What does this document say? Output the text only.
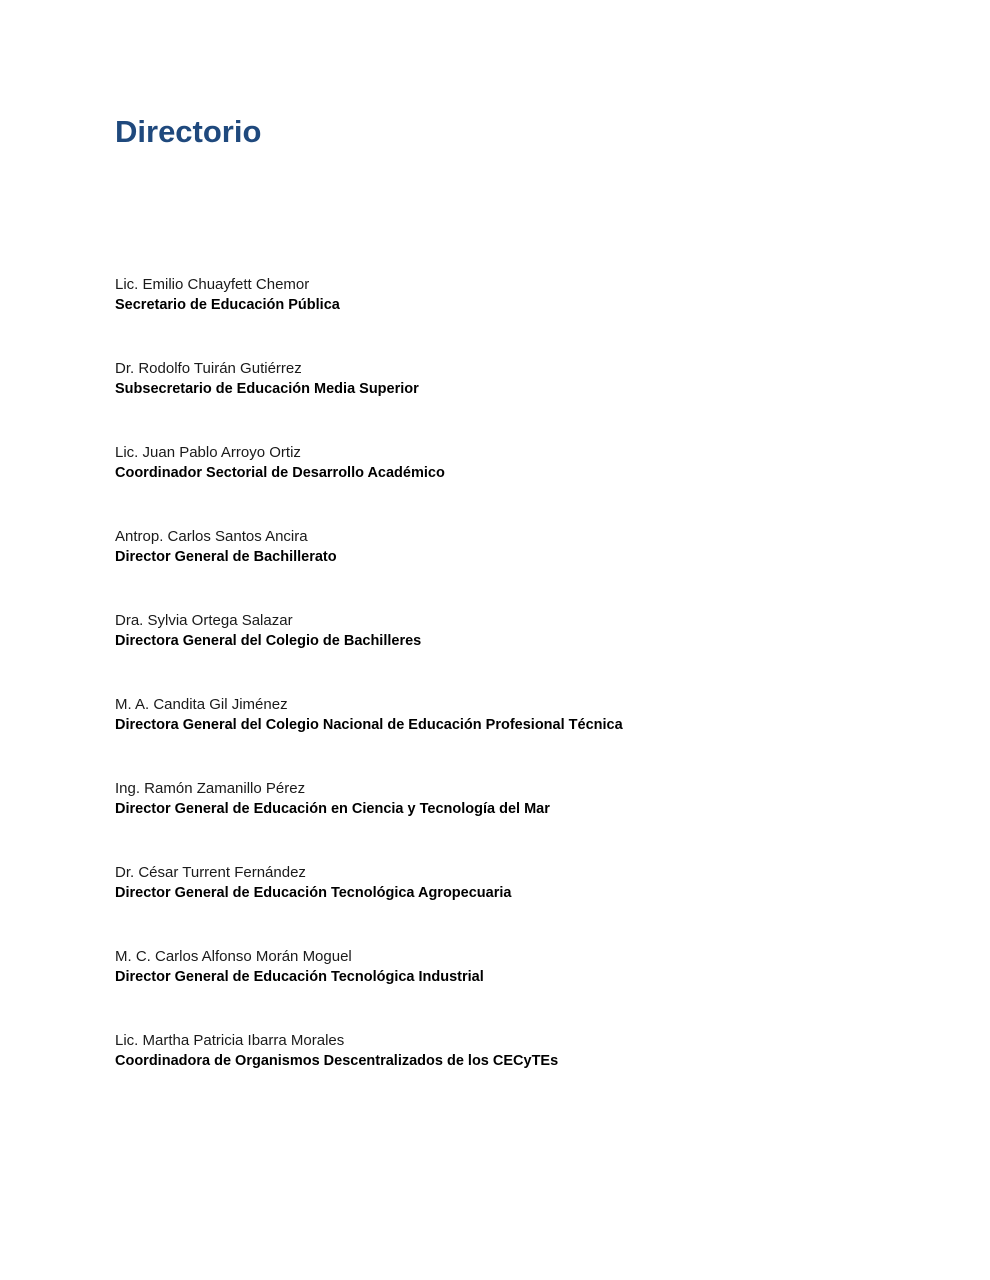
Directorio
Lic. Emilio Chuayfett Chemor
Secretario de Educación Pública
Dr. Rodolfo Tuirán Gutiérrez
Subsecretario de Educación Media Superior
Lic. Juan Pablo Arroyo Ortiz
Coordinador Sectorial de Desarrollo Académico
Antrop. Carlos Santos Ancira
Director General de Bachillerato
Dra. Sylvia Ortega Salazar
Directora General del Colegio de Bachilleres
M. A. Candita Gil Jiménez
Directora General del Colegio Nacional de Educación Profesional Técnica
Ing. Ramón Zamanillo Pérez
Director General de Educación en Ciencia y Tecnología del Mar
Dr. César Turrent Fernández
Director General de Educación Tecnológica Agropecuaria
M. C. Carlos Alfonso Morán Moguel
Director General de Educación Tecnológica Industrial
Lic. Martha Patricia Ibarra Morales
Coordinadora de Organismos Descentralizados de los CECyTEs
